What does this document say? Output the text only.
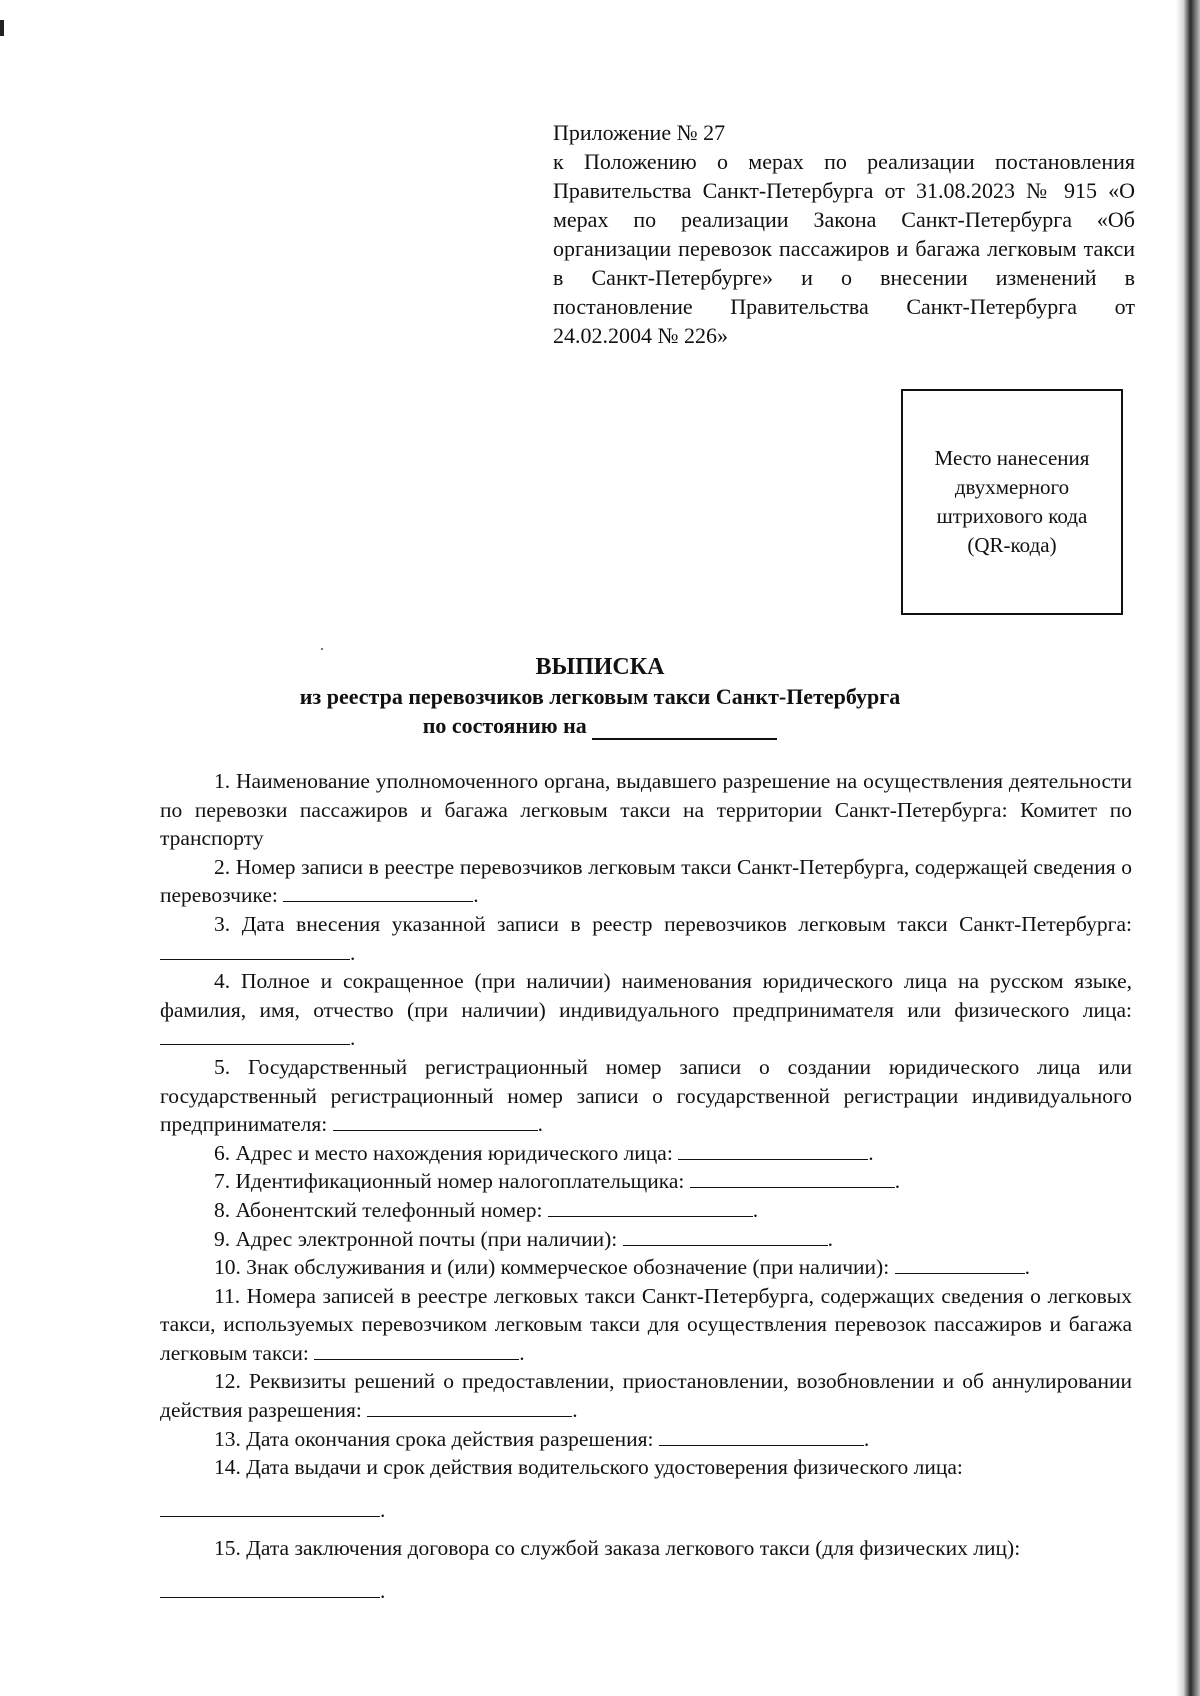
Приложение № 27
к Положению о мерах по реализации постановления Правительства Санкт-Петербурга от 31.08.2023 № 915 «О мерах по реализации Закона Санкт-Петербурга «Об организации перевозок пассажиров и багажа легковым такси в Санкт-Петербурге» и о внесении изменений в постановление Правительства Санкт-Петербурга от 24.02.2004 № 226»
Место нанесения двухмерного штрихового кода (QR-кода)
ВЫПИСКА
из реестра перевозчиков легковым такси Санкт-Петербурга
по состоянию на

1. Наименование уполномоченного органа, выдавшего разрешение на осуществления деятельности по перевозки пассажиров и багажа легковым такси на территории Санкт-Петербурга: Комитет по транспорту

2. Номер записи в реестре перевозчиков легковым такси Санкт-Петербурга, содержащей сведения о перевозчике:	.

3. Дата внесения указанной записи в реестр перевозчиков легковым такси Санкт-Петербурга: .

4. Полное и сокращенное (при наличии) наименования юридического лица на русском языке, фамилия, имя, отчество (при наличии) индивидуального предпринимателя или физического лица: .

5. Государственный регистрационный номер записи о создании юридического лица или государственный регистрационный номер записи о государственной регистрации индивидуального предпринимателя:	.

6. Адрес и место нахождения юридического лица:	.

7. Идентификационный номер налогоплательщика:	.

8. Абонентский телефонный номер:	.

9. Адрес электронной почты (при наличии):	.

10. Знак обслуживания и (или) коммерческое обозначение (при наличии):	.

11. Номера записей в реестре легковых такси Санкт-Петербурга, содержащих сведения о легковых такси, используемых перевозчиком легковым такси для осуществления перевозок пассажиров и багажа легковым такси:	.

12. Реквизиты решений о предоставлении, приостановлении, возобновлении и об аннулировании действия разрешения:	.

13. Дата окончания срока действия разрешения:	.

14. Дата выдачи и срок действия водительского удостоверения физического лица:
.

15. Дата заключения договора со службой заказа легкового такси (для физических лиц):
.
